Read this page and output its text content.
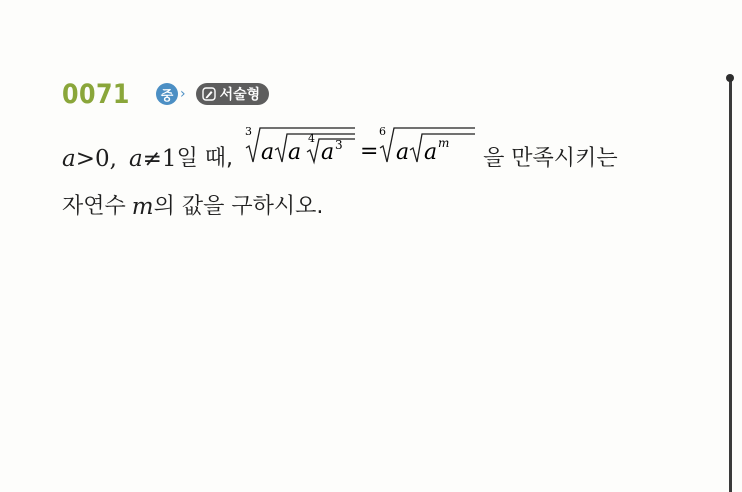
0071	중 › 서술형
a >0, a ≠1 일 때,
3
a a
4
a 3 =
6
a a m
을 만족시키는
자연수 m 의 값을 구하시오.
